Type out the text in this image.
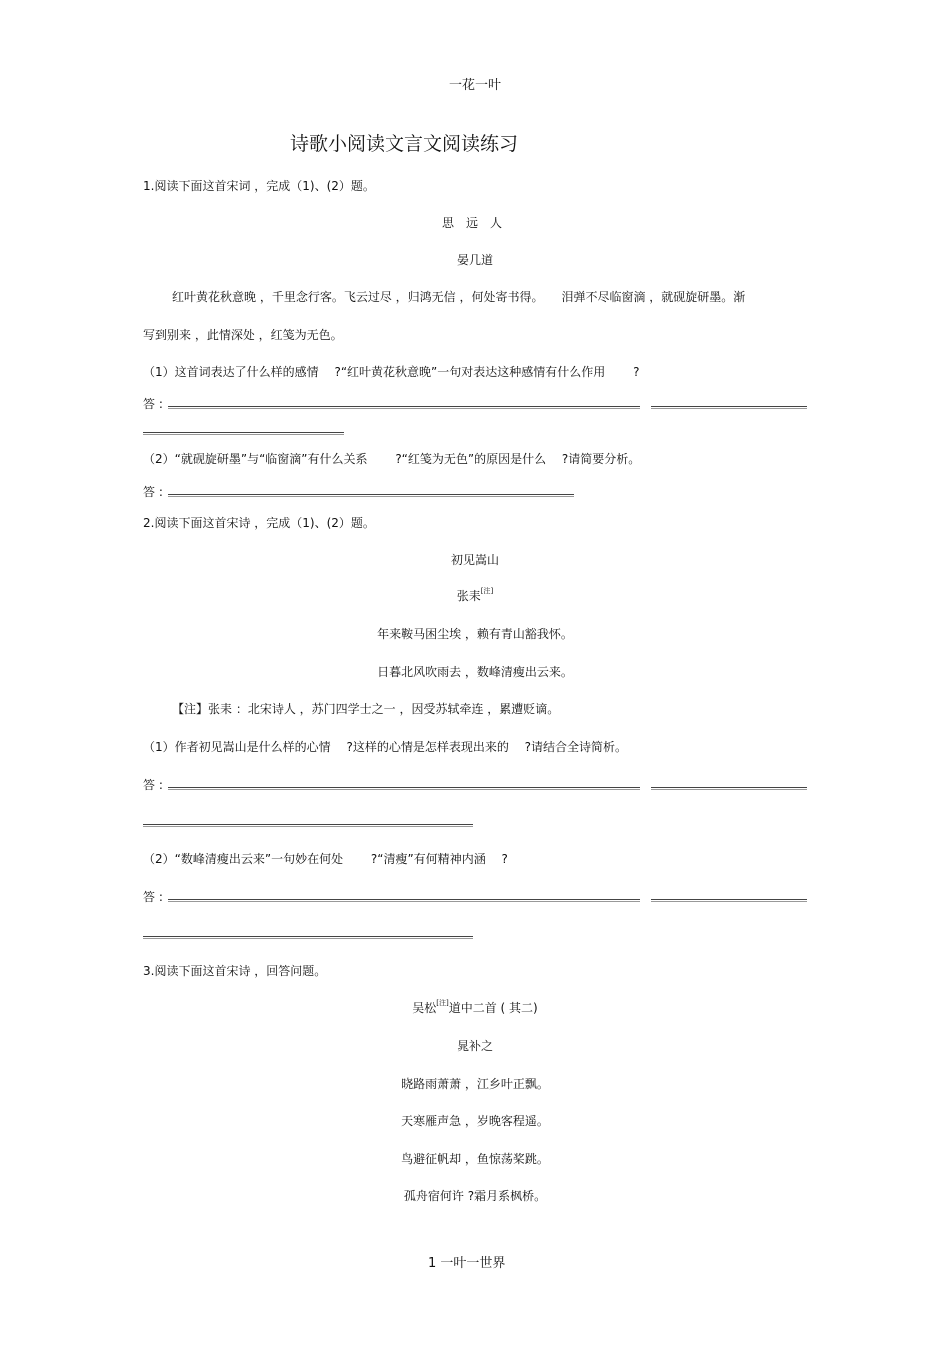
一花一叶
诗歌小阅读文言文阅读练习
1.阅读下面这首宋词 ，完成（1)、(2）题。
思　远　人
晏几道
红叶黄花秋意晚 ，千里念行客。飞云过尽 ，归鸿无信 ，何处寄书得。　　泪弹不尽临窗滴 ，就砚旋研墨。渐
写到别来 ，此情深处 ，红笺为无色。
（1）这首词表达了什么样的感情　 ?“红叶黄花秋意晚”一句对表达这种感情有什么作用　　 ?
答 :
（2）“就砚旋研墨”与“临窗滴”有什么关系　　 ?“红笺为无色”的原因是什么　 ?请简要分析。
答 :
2.阅读下面这首宋诗 ，完成（1)、(2）题。
初见嵩山
张耒[注]
年来鞍马困尘埃 ，赖有青山豁我怀。
日暮北风吹雨去 ，数峰清瘦出云来。
【注】张耒 ：北宋诗人 ，苏门四学士之一 ，因受苏轼牵连 ，累遭贬谪。
（1）作者初见嵩山是什么样的心情　 ?这样的心情是怎样表现出来的　 ?请结合全诗简析。
答 :
（2）“数峰清瘦出云来”一句妙在何处　　 ?“清瘦”有何精神内涵　 ?
答 :
3.阅读下面这首宋诗 ，回答问题。
吴松[注]道中二首 ( 其二)
晁补之
晓路雨萧萧 ，江乡叶正飘。
天寒雁声急 ，岁晚客程遥。
鸟避征帆却 ，鱼惊荡桨跳。
孤舟宿何许 ?霜月系枫桥。
1 一叶一世界
